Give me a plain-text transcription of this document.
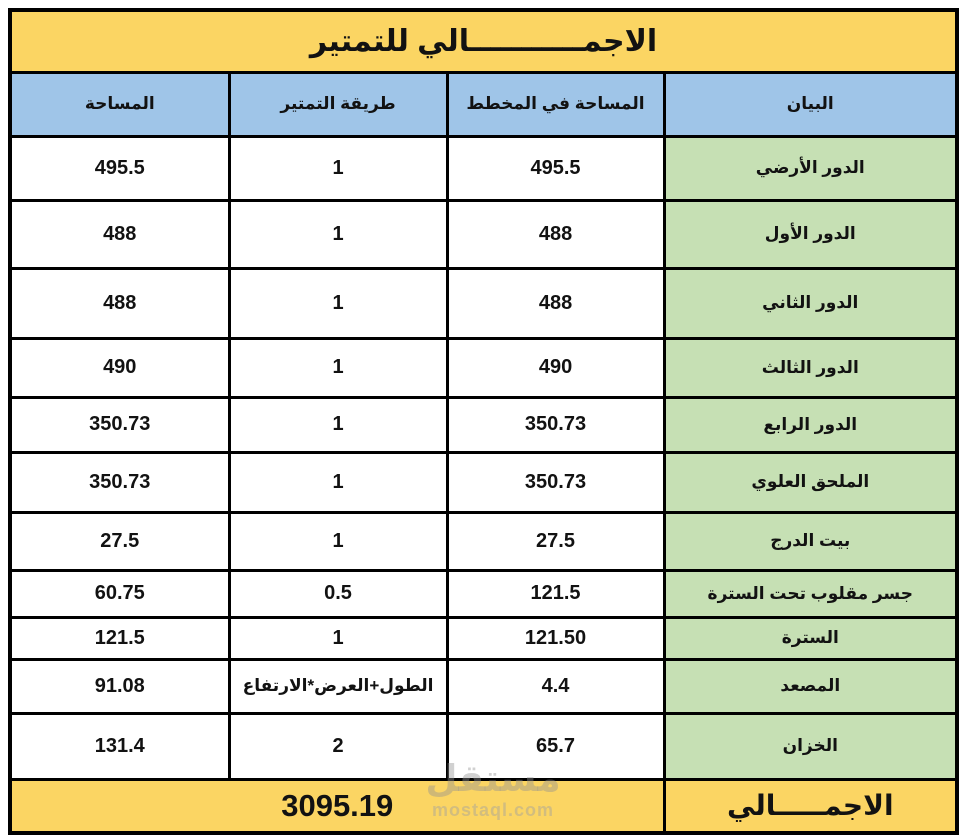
الاجمـــــــــــالي للتمتير			
البيان	المساحة في المخطط	طريقة التمتير	المساحة
الدور الأرضي	495.5	1	495.5
الدور الأول	488	1	488
الدور الثاني	488	1	488
الدور الثالث	490	1	490
الدور الرابع	350.73	1	350.73
الملحق العلوي	350.73	1	350.73
بيت الدرج	27.5	1	27.5
جسر مقلوب تحت السترة	121.5	0.5	60.75
السترة	121.50	1	121.5
المصعد	4.4	الطول+العرض*الارتفاع	91.08
الخزان	65.7	2	131.4
الاجمـــــالي	3095.19		
مستقل
mostaql.com
